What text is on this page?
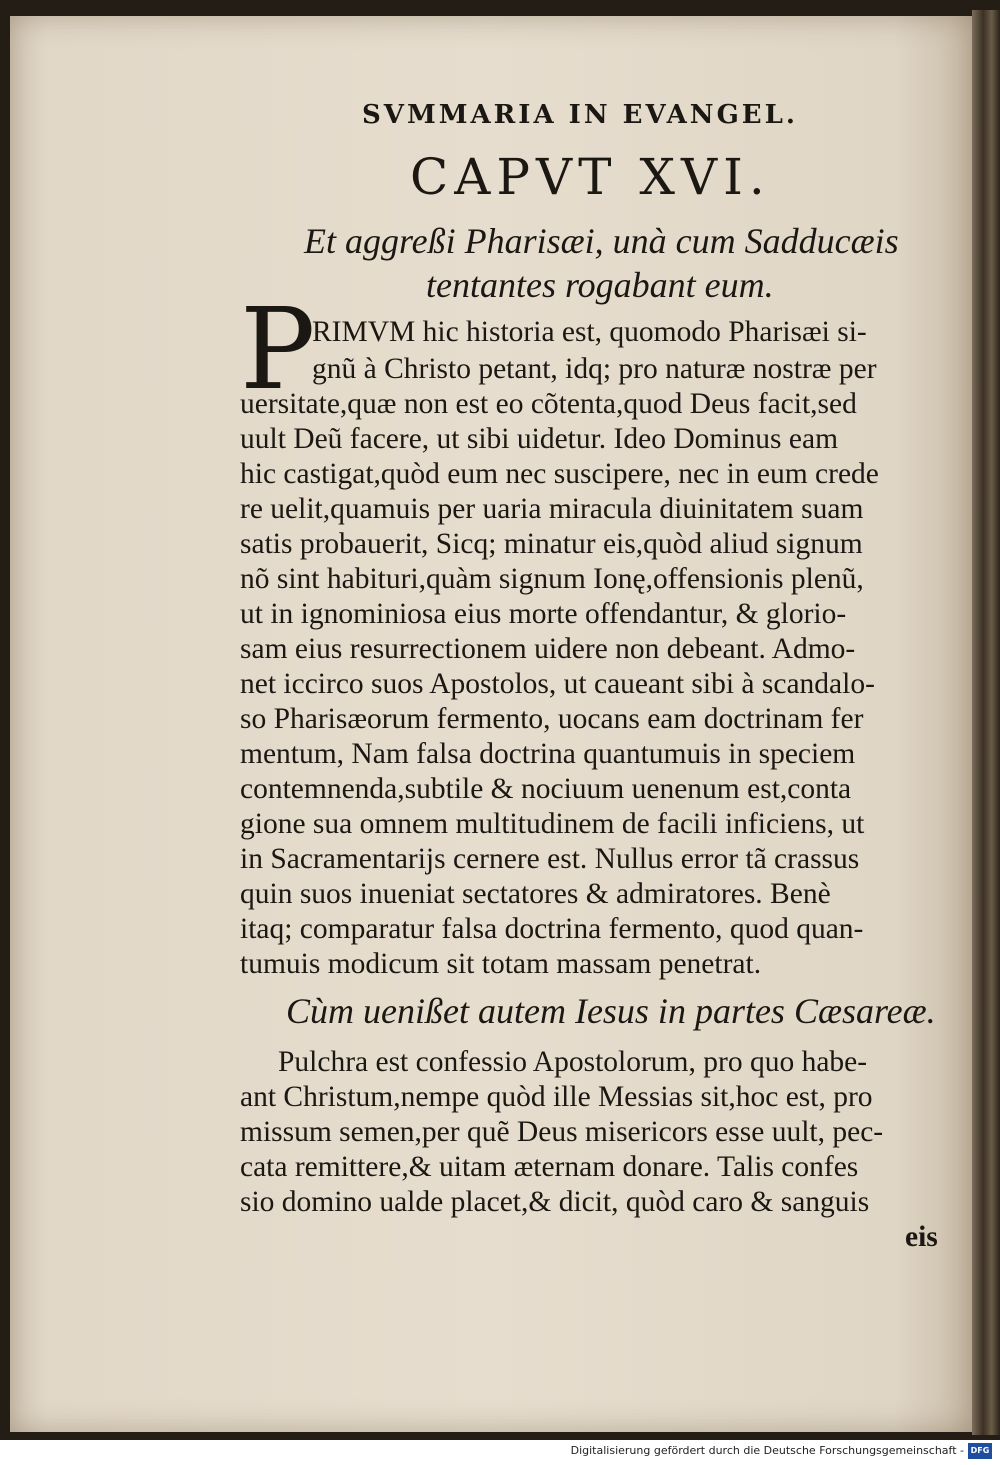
SVMMARIA IN EVANGEL.
CAPVT XVI.
Et aggreßi Pharisæi, unà cum Sadducæis
tentantes rogabant eum.
P
RIMVM hic historia est, quomodo Pharisæi si-
gnũ à Christo petant, idq; pro naturæ nostræ per
uersitate,quæ non est eo cõtenta,quod Deus facit,sed
uult Deũ facere, ut sibi uidetur. Ideo Dominus eam
hic castigat,quòd eum nec suscipere, nec in eum crede
re uelit,quamuis per uaria miracula diuinitatem suam
satis probauerit, Sicq; minatur eis,quòd aliud signum
nõ sint habituri,quàm signum Ionę,offensionis plenũ,
ut in ignominiosa eius morte offendantur, & glorio-
sam eius resurrectionem uidere non debeant. Admo-
net iccirco suos Apostolos, ut caueant sibi à scandalo-
so Pharisæorum fermento, uocans eam doctrinam fer
mentum, Nam falsa doctrina quantumuis in speciem
contemnenda,subtile & nociuum uenenum est,conta
gione sua omnem multitudinem de facili inficiens, ut
in Sacramentarijs cernere est. Nullus error tã crassus
quin suos inueniat sectatores & admiratores. Benè
itaq; comparatur falsa doctrina fermento, quod quan-
tumuis modicum sit totam massam penetrat.
Cùm uenißet autem Iesus in partes Cæsareæ.
Pulchra est confessio Apostolorum, pro quo habe-
ant Christum,nempe quòd ille Messias sit,hoc est, pro
missum semen,per quẽ Deus misericors esse uult, pec-
cata remittere,& uitam æternam donare. Talis confes
sio domino ualde placet,& dicit, quòd caro & sanguis
eis
Digitalisierung gefördert durch die Deutsche Forschungsgemeinschaft - DFG
